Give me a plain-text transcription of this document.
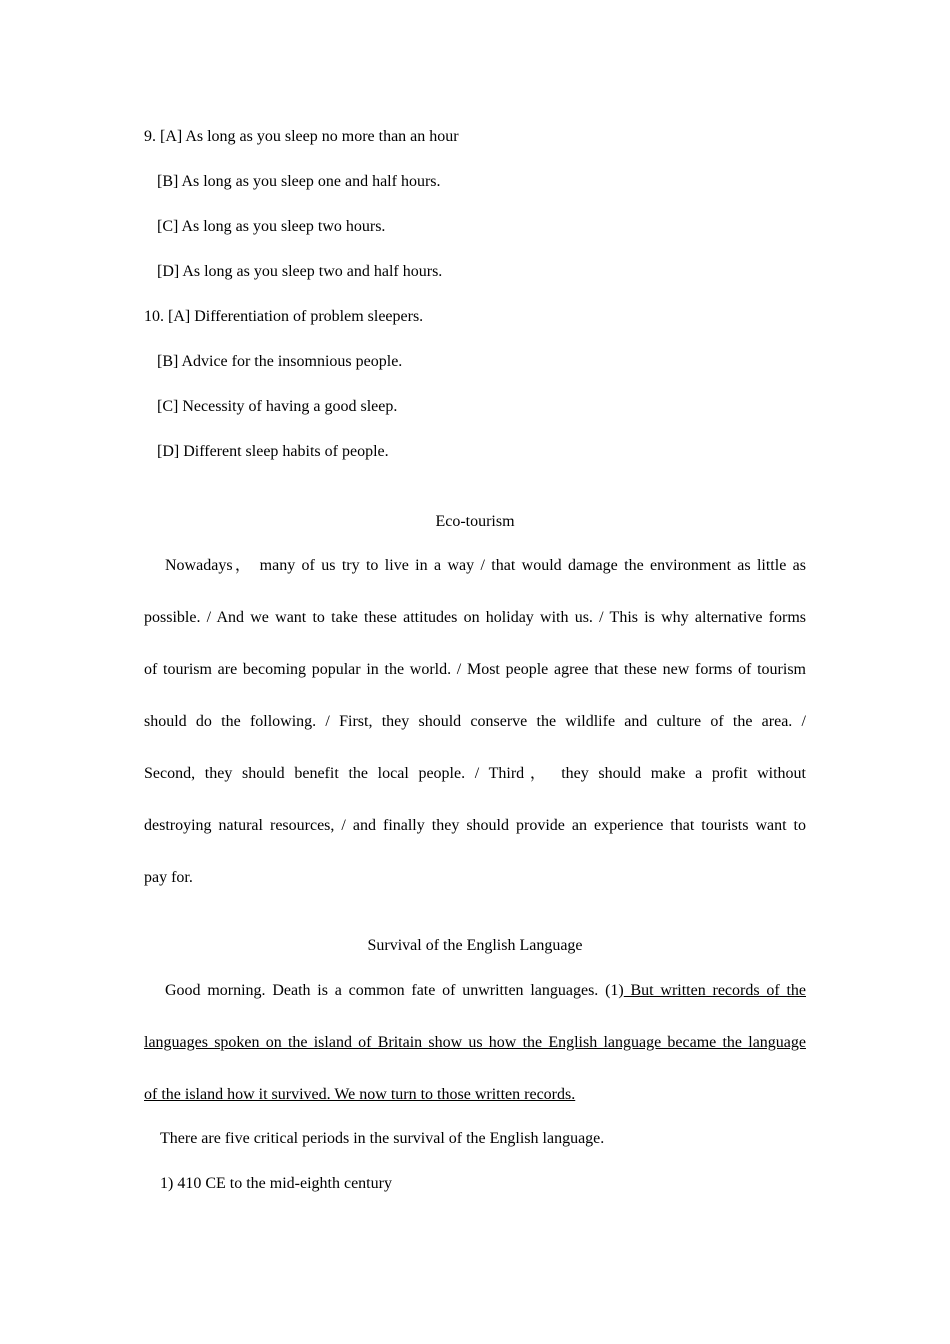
9. [A] As long as you sleep no more than an hour
[B] As long as you sleep one and half hours.
[C] As long as you sleep two hours.
[D] As long as you sleep two and half hours.
10. [A] Differentiation of problem sleepers.
[B] Advice for the insomnious people.
[C] Necessity of having a good sleep.
[D] Different sleep habits of people.
Eco-tourism
Nowadays， many of us try to live in a way / that would damage the environment as little as
possible. / And we want to take these attitudes on holiday with us. / This is why alternative forms
of tourism are becoming popular in the world. / Most people agree that these new forms of tourism
should do the following. / First, they should conserve the wildlife and culture of the area. /
Second, they should benefit the local people. / Third， they should make a profit without
destroying natural resources, / and finally they should provide an experience that tourists want to
pay for.
Survival of the English Language
Good morning. Death is a common fate of unwritten languages. (1) But written records of the
languages spoken on the island of Britain show us how the English language became the language
of the island how it survived. We now turn to those written records.
There are five critical periods in the survival of the English language.
1) 410 CE to the mid-eighth century
